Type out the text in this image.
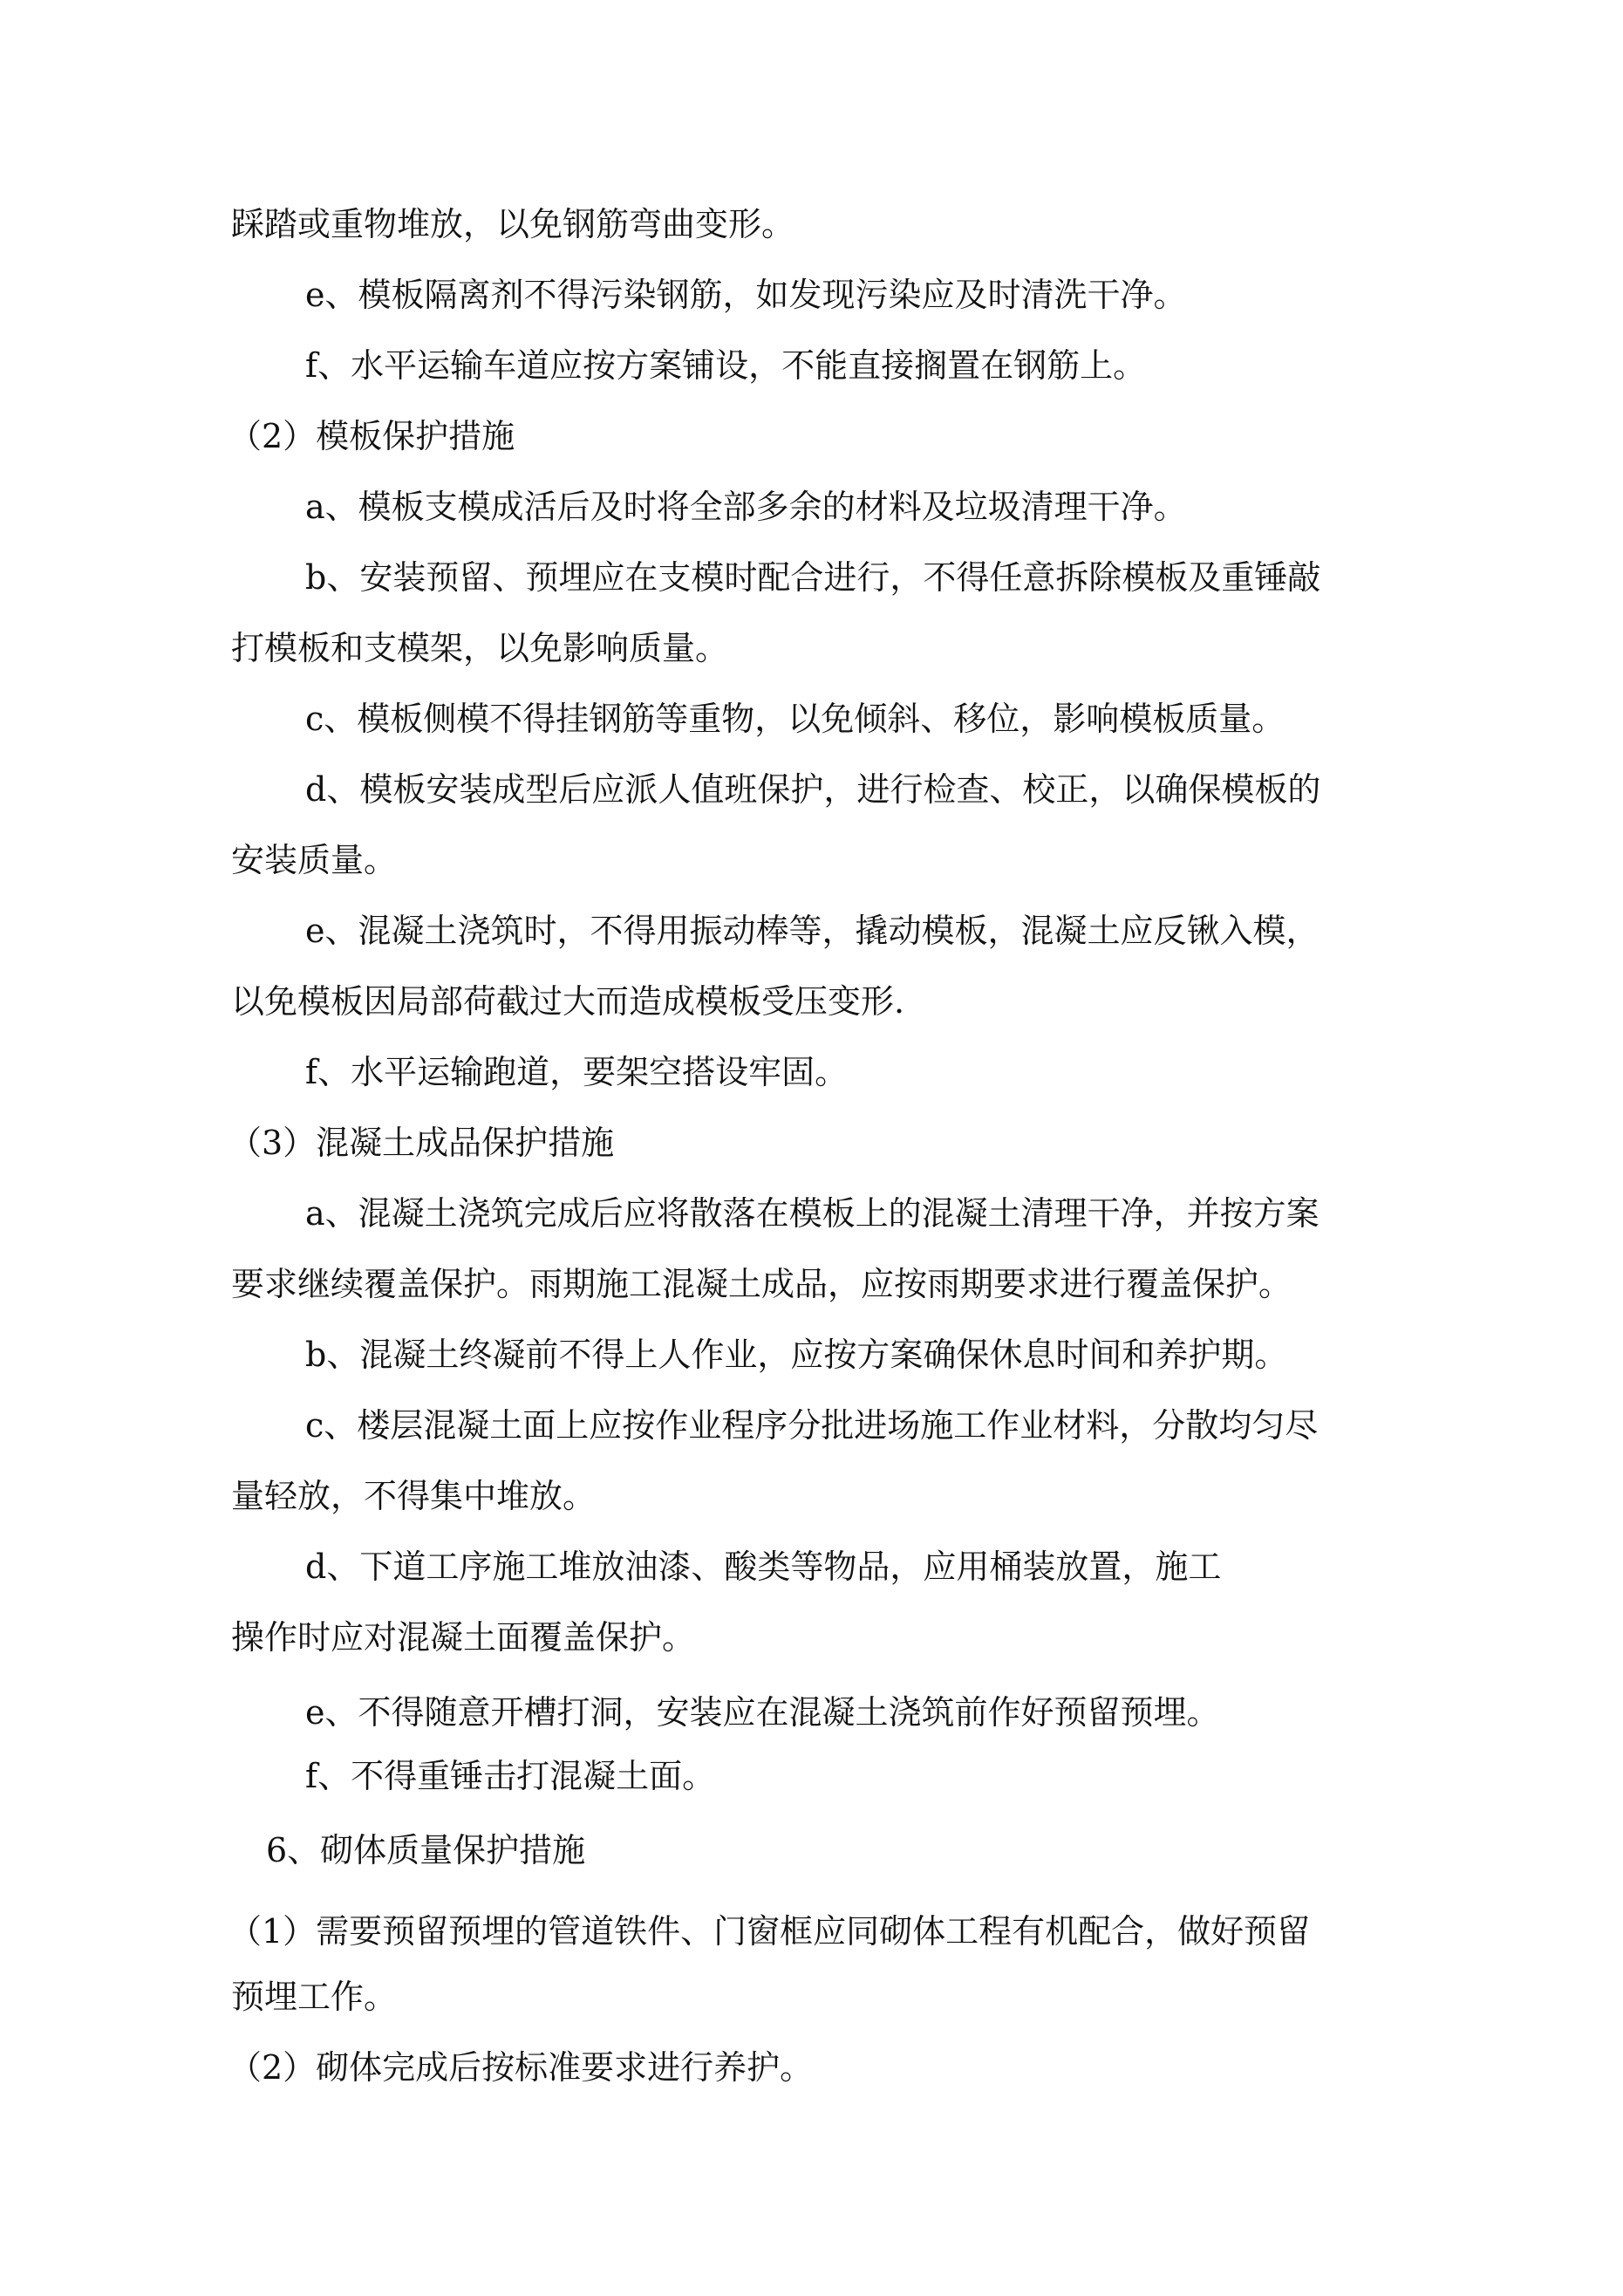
踩踏或重物堆放，以免钢筋弯曲变形。
e、模板隔离剂不得污染钢筋，如发现污染应及时清洗干净。
f、水平运输车道应按方案铺设，不能直接搁置在钢筋上。
（2）模板保护措施
a、模板支模成活后及时将全部多余的材料及垃圾清理干净。
b、安装预留、预埋应在支模时配合进行，不得任意拆除模板及重锤敲
打模板和支模架，以免影响质量。
c、模板侧模不得挂钢筋等重物，以免倾斜、移位，影响模板质量。
d、模板安装成型后应派人值班保护，进行检查、校正，以确保模板的
安装质量。
e、混凝土浇筑时，不得用振动棒等，撬动模板，混凝土应反锹入模，
以免模板因局部荷截过大而造成模板受压变形.
f、水平运输跑道，要架空搭设牢固。
（3）混凝土成品保护措施
a、混凝土浇筑完成后应将散落在模板上的混凝土清理干净，并按方案
要求继续覆盖保护。雨期施工混凝土成品，应按雨期要求进行覆盖保护。
b、混凝土终凝前不得上人作业，应按方案确保休息时间和养护期。
c、楼层混凝土面上应按作业程序分批进场施工作业材料，分散均匀尽
量轻放，不得集中堆放。
d、下道工序施工堆放油漆、酸类等物品，应用桶装放置，施工
操作时应对混凝土面覆盖保护。
e、不得随意开槽打洞，安装应在混凝土浇筑前作好预留预埋。
f、不得重锤击打混凝土面。
6、砌体质量保护措施
（1）需要预留预埋的管道铁件、门窗框应同砌体工程有机配合，做好预留
预埋工作。
（2）砌体完成后按标准要求进行养护。
